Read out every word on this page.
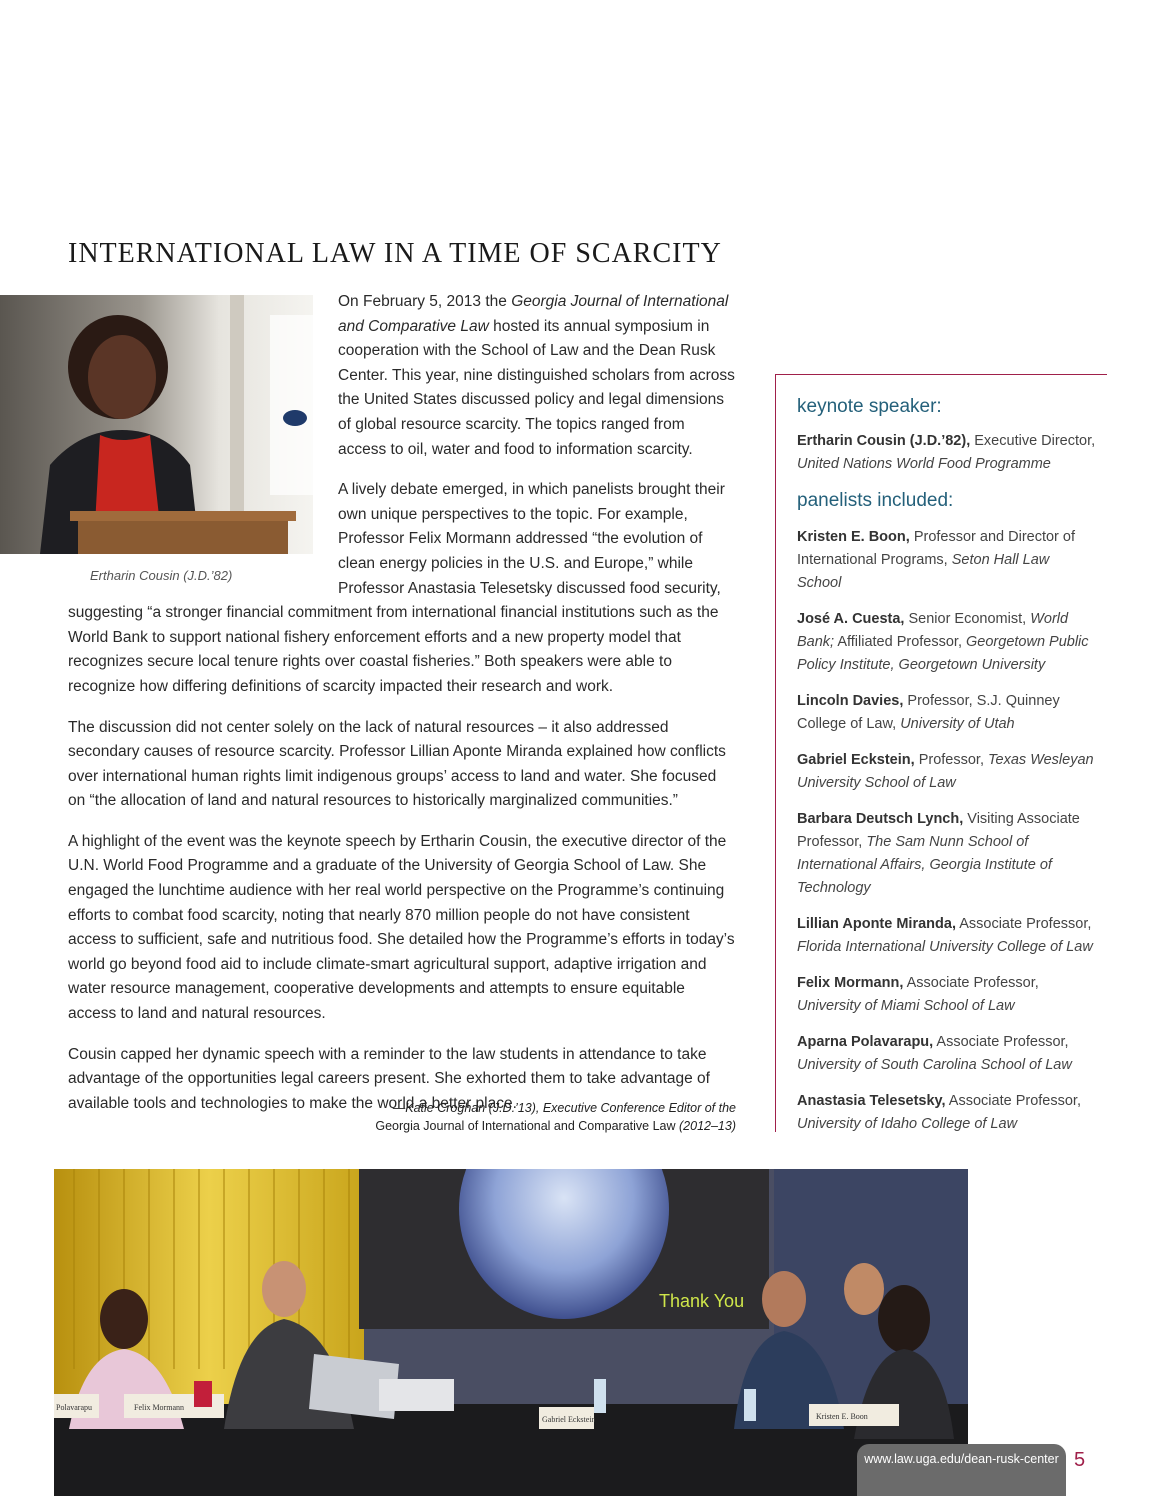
INTERNATIONAL LAW IN A TIME OF SCARCITY
Ertharin Cousin (J.D.’82)

On February 5, 2013 the Georgia Journal of International and Comparative Law hosted its annual symposium in cooperation with the School of Law and the Dean Rusk Center. This year, nine distinguished scholars from across the United States discussed policy and legal dimensions of global resource scarcity. The topics ranged from access to oil, water and food to information scarcity.

A lively debate emerged, in which panelists brought their own unique perspectives to the topic. For example, Professor Felix Mormann addressed “the evolution of clean energy policies in the U.S. and Europe,” while Professor Anastasia Telesetsky discussed food security, suggesting “a stronger financial commitment from international financial institutions such as the World Bank to support national fishery enforcement efforts and a new property model that recognizes secure local tenure rights over coastal fisheries.” Both speakers were able to recognize how differing definitions of scarcity impacted their research and work.

The discussion did not center solely on the lack of natural resources – it also addressed secondary causes of resource scarcity. Professor Lillian Aponte Miranda explained how conflicts over international human rights limit indigenous groups’ access to land and water. She focused on “the allocation of land and natural resources to historically marginalized communities.”

A highlight of the event was the keynote speech by Ertharin Cousin, the executive director of the U.N. World Food Programme and a graduate of the University of Georgia School of Law. She engaged the lunchtime audience with her real world perspective on the Programme’s continuing efforts to combat food scarcity, noting that nearly 870 million people do not have consistent access to sufficient, safe and nutritious food. She detailed how the Programme’s efforts in today’s world go beyond food aid to include climate-smart agricultural support, adaptive irrigation and water resource management, cooperative developments and attempts to ensure equitable access to land and natural resources.

Cousin capped her dynamic speech with a reminder to the law students in attendance to take advantage of the opportunities legal careers present. She exhorted them to take advantage of available tools and technologies to make the world a better place.

—Katie Croghan (J.D.’13), Executive Conference Editor of the
Georgia Journal of International and Comparative Law (2012–13)
keynote speaker:
Ertharin Cousin (J.D.’82), Executive Director,
United Nations World Food Programme
panelists included:
Kristen E. Boon, Professor and Director of International Programs, Seton Hall Law School
José A. Cuesta, Senior Economist, World Bank; Affiliated Professor, Georgetown Public Policy Institute, Georgetown University
Lincoln Davies, Professor, S.J. Quinney College of Law, University of Utah
Gabriel Eckstein, Professor, Texas Wesleyan University School of Law
Barbara Deutsch Lynch, Visiting Associate Professor, The Sam Nunn School of International Affairs, Georgia Institute of Technology
Lillian Aponte Miranda, Associate Professor, Florida International University College of Law
Felix Mormann, Associate Professor, University of Miami School of Law
Aparna Polavarapu, Associate Professor, University of South Carolina School of Law
Anastasia Telesetsky, Associate Professor, University of Idaho College of Law
Thank You
Polavarapu	Felix Mormann
Gabriel Eckstein	Kristen E. Boon
www.law.uga.edu/dean-rusk-center 5
